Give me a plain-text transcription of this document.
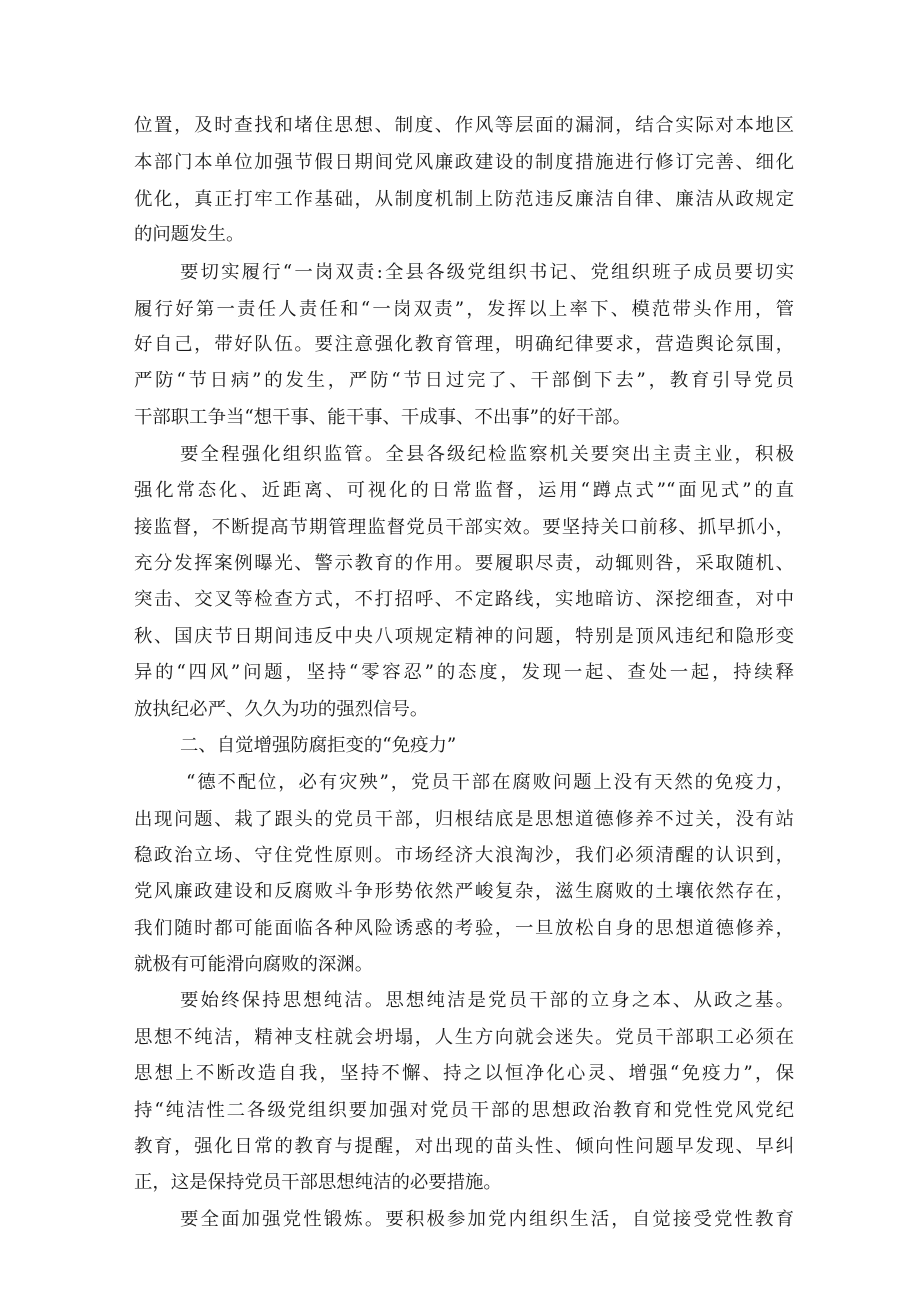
位置，及时查找和堵住思想、制度、作风等层面的漏洞，结合实际对本地区
本部门本单位加强节假日期间党风廉政建设的制度措施进行修订完善、细化
优化，真正打牢工作基础，从制度机制上防范违反廉洁自律、廉洁从政规定
的问题发生。
要切实履行“一岗双责:全县各级党组织书记、党组织班子成员要切实
履行好第一责任人责任和“一岗双责”，发挥以上率下、模范带头作用，管
好自己，带好队伍。要注意强化教育管理，明确纪律要求，营造舆论氛围，
严防“节日病”的发生，严防“节日过完了、干部倒下去”，教育引导党员
干部职工争当“想干事、能干事、干成事、不出事”的好干部。
要全程强化组织监管。全县各级纪检监察机关要突出主责主业，积极
强化常态化、近距离、可视化的日常监督，运用“蹲点式”“面见式”的直
接监督，不断提高节期管理监督党员干部实效。要坚持关口前移、抓早抓小，
充分发挥案例曝光、警示教育的作用。要履职尽责，动辄则咎，采取随机、
突击、交叉等检查方式，不打招呼、不定路线，实地暗访、深挖细查，对中
秋、国庆节日期间违反中央八项规定精神的问题，特别是顶风违纪和隐形变
异的“四风”问题，坚持“零容忍”的态度，发现一起、查处一起，持续释
放执纪必严、久久为功的强烈信号。
二、自觉增强防腐拒变的“免疫力”
“德不配位，必有灾殃”，党员干部在腐败问题上没有天然的免疫力，
出现问题、栽了跟头的党员干部，归根结底是思想道德修养不过关，没有站
稳政治立场、守住党性原则。市场经济大浪淘沙，我们必须清醒的认识到，
党风廉政建设和反腐败斗争形势依然严峻复杂，滋生腐败的土壤依然存在，
我们随时都可能面临各种风险诱惑的考验，一旦放松自身的思想道德修养，
就极有可能滑向腐败的深渊。
要始终保持思想纯洁。思想纯洁是党员干部的立身之本、从政之基。
思想不纯洁，精神支柱就会坍塌，人生方向就会迷失。党员干部职工必须在
思想上不断改造自我，坚持不懈、持之以恒净化心灵、增强“免疫力”，保
持“纯洁性二各级党组织要加强对党员干部的思想政治教育和党性党风党纪
教育，强化日常的教育与提醒，对出现的苗头性、倾向性问题早发现、早纠
正，这是保持党员干部思想纯洁的必要措施。
要全面加强党性锻炼。要积极参加党内组织生活，自觉接受党性教育
